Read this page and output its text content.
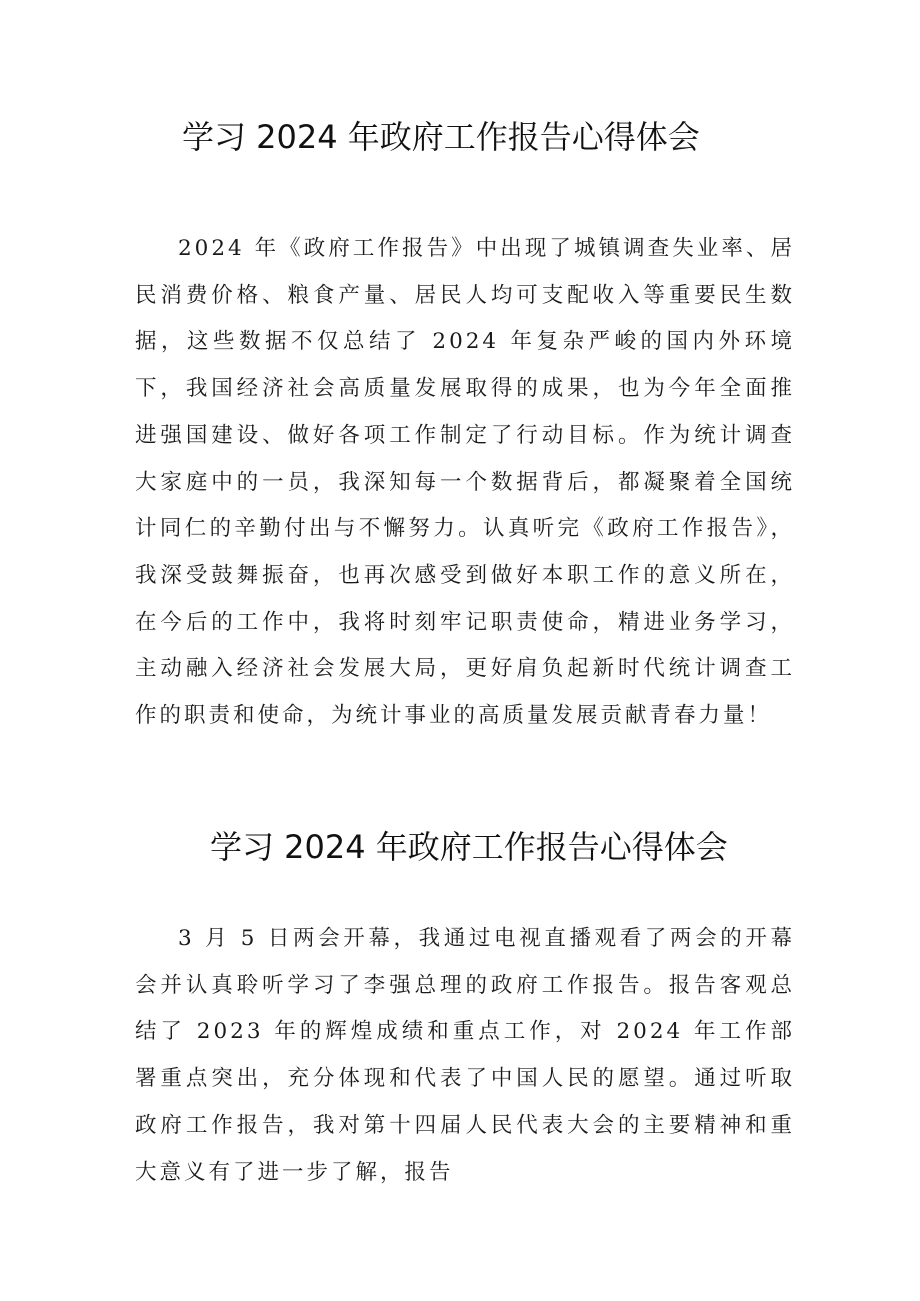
学习 2024 年政府工作报告心得体会

2024 年《政府工作报告》中出现了城镇调查失业率、居民消费价格、粮食产量、居民人均可支配收入等重要民生数据，这些数据不仅总结了 2024 年复杂严峻的国内外环境下，我国经济社会高质量发展取得的成果，也为今年全面推进强国建设、做好各项工作制定了行动目标。作为统计调查大家庭中的一员，我深知每一个数据背后，都凝聚着全国统计同仁的辛勤付出与不懈努力。认真听完《政府工作报告》，我深受鼓舞振奋，也再次感受到做好本职工作的意义所在，在今后的工作中，我将时刻牢记职责使命，精进业务学习，主动融入经济社会发展大局，更好肩负起新时代统计调查工作的职责和使命，为统计事业的高质量发展贡献青春力量！

学习 2024 年政府工作报告心得体会

3 月 5 日两会开幕，我通过电视直播观看了两会的开幕会并认真聆听学习了李强总理的政府工作报告。报告客观总结了 2023 年的辉煌成绩和重点工作，对 2024 年工作部署重点突出，充分体现和代表了中国人民的愿望。通过听取政府工作报告，我对第十四届人民代表大会的主要精神和重大意义有了进一步了解，报告
